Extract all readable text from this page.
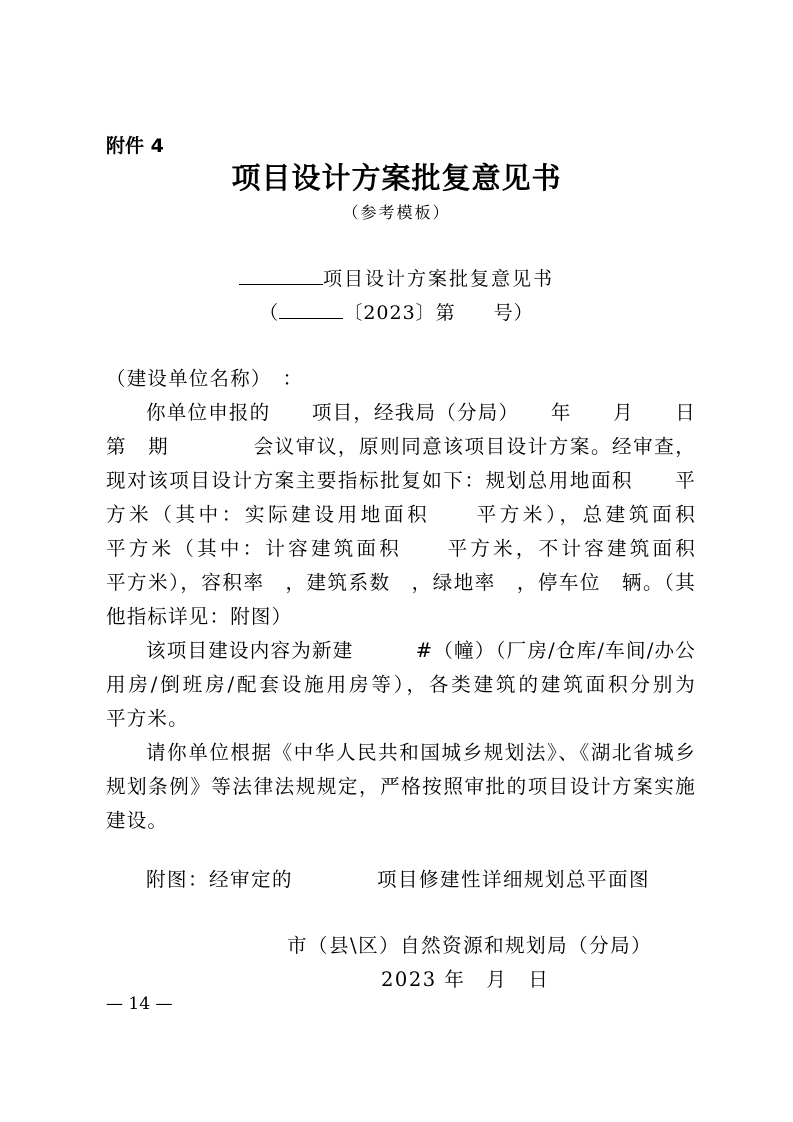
附件 4
项目设计方案批复意见书
（参考模板）
项目设计方案批复意见书
（	〔2023〕第 号）

（建设单位名称）　：

你单位申报的　　项目，经我局（分局）　　年　　月　　日第　期　　　　会议审议，原则同意该项目设计方案。经审查，现对该项目设计方案主要指标批复如下：规划总用地面积　　平方米（其中：实际建设用地面积　　平方米），总建筑面积　　平方米（其中：计容建筑面积　　平方米，不计容建筑面积　　平方米），容积率　，建筑系数　，绿地率　，停车位　辆。（其他指标详见：附图）

该项目建设内容为新建　　　#（幢）（厂房/仓库/车间/办公用房/倒班房/配套设施用房等），各类建筑的建筑面积分别为　　平方米。

请你单位根据《中华人民共和国城乡规划法》、《湖北省城乡规划条例》等法律法规规定，严格按照审批的项目设计方案实施建设。

附图：经审定的　　　　项目修建性详细规划总平面图
市（县\区）自然资源和规划局（分局）
2023 年　月　日
— 14 —
